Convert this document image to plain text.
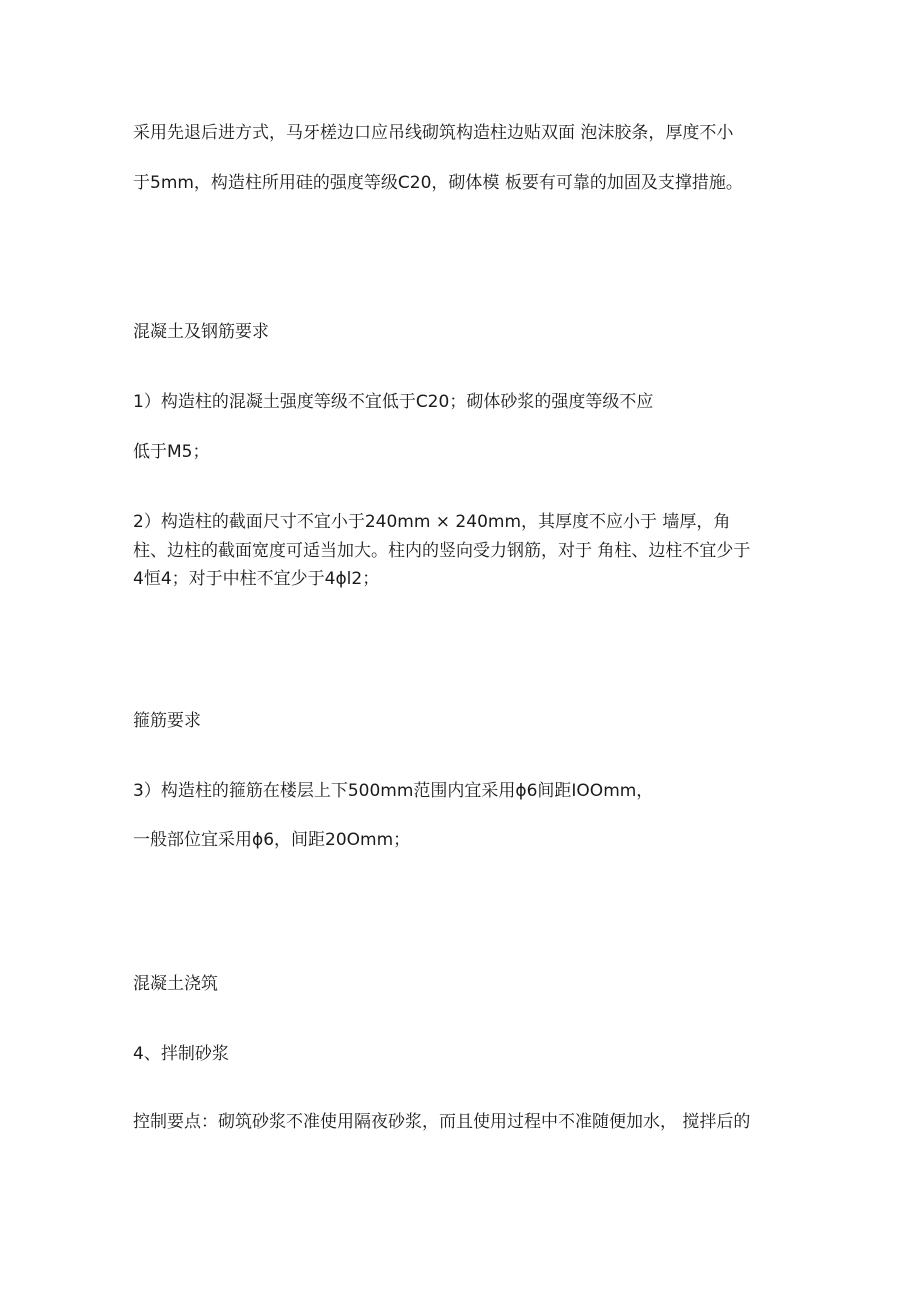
采用先退后进方式，马牙槎边口应吊线砌筑构造柱边贴双面 泡沫胶条，厚度不小
于5mm，构造柱所用硅的强度等级C20，砌体模 板要有可靠的加固及支撑措施。
混凝土及钢筋要求
1）构造柱的混凝土强度等级不宜低于C20；砌体砂浆的强度等级不应
低于M5；
2）构造柱的截面尺寸不宜小于240mm × 240mm，其厚度不应小于 墙厚，角
柱、边柱的截面宽度可适当加大。柱内的竖向受力钢筋，对于 角柱、边柱不宜少于
4恒4；对于中柱不宜少于4ϕl2；
箍筋要求
3）构造柱的箍筋在楼层上下500mm范围内宜采用ϕ6间距IOOmm，
一般部位宜采用ϕ6，间距20Omm；
混凝土浇筑
4、拌制砂浆
控制要点：砌筑砂浆不准使用隔夜砂浆，而且使用过程中不准随便加水， 搅拌后的
